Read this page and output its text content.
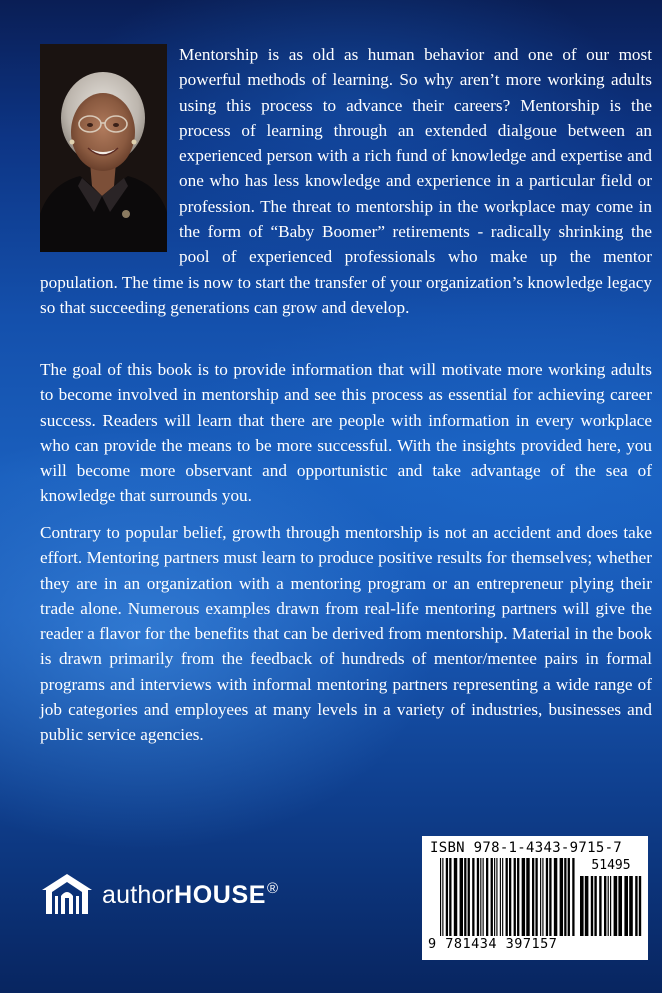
Mentorship is as old as human behavior and one of our most powerful methods of learning. So why aren’t more working adults using this process to advance their careers? Mentorship is the process of learning through an extended dialgoue between an experienced person with a rich fund of knowledge and expertise and one who has less knowledge and experience in a particular field or profession. The threat to mentorship in the workplace may come in the form of “Baby Boomer” retirements - radically shrinking the pool of experienced professionals who make up the mentor population. The time is now to start the transfer of your organization’s knowledge legacy so that succeeding generations can grow and develop.

The goal of this book is to provide information that will motivate more working adults to become involved in mentorship and see this process as essential for achieving career success. Readers will learn that there are people with information in every workplace who can provide the means to be more successful. With the insights provided here, you will become more observant and opportunistic and take advantage of the sea of knowledge that surrounds you.

Contrary to popular belief, growth through mentorship is not an accident and does take effort. Mentoring partners must learn to produce positive results for themselves; whether they are in an organization with a mentoring program or an entrepreneur plying their trade alone. Numerous examples drawn from real-life mentoring partners will give the reader a flavor for the benefits that can be derived from mentorship. Material in the book is drawn primarily from the feedback of hundreds of mentor/mentee pairs in formal programs and interviews with informal mentoring partners representing a wide range of job categories and employees at many levels in a variety of industries, businesses and public service agencies.

authorHOUSE®
ISBN 978-1-4343-9715-7
51495
9 781434 397157
